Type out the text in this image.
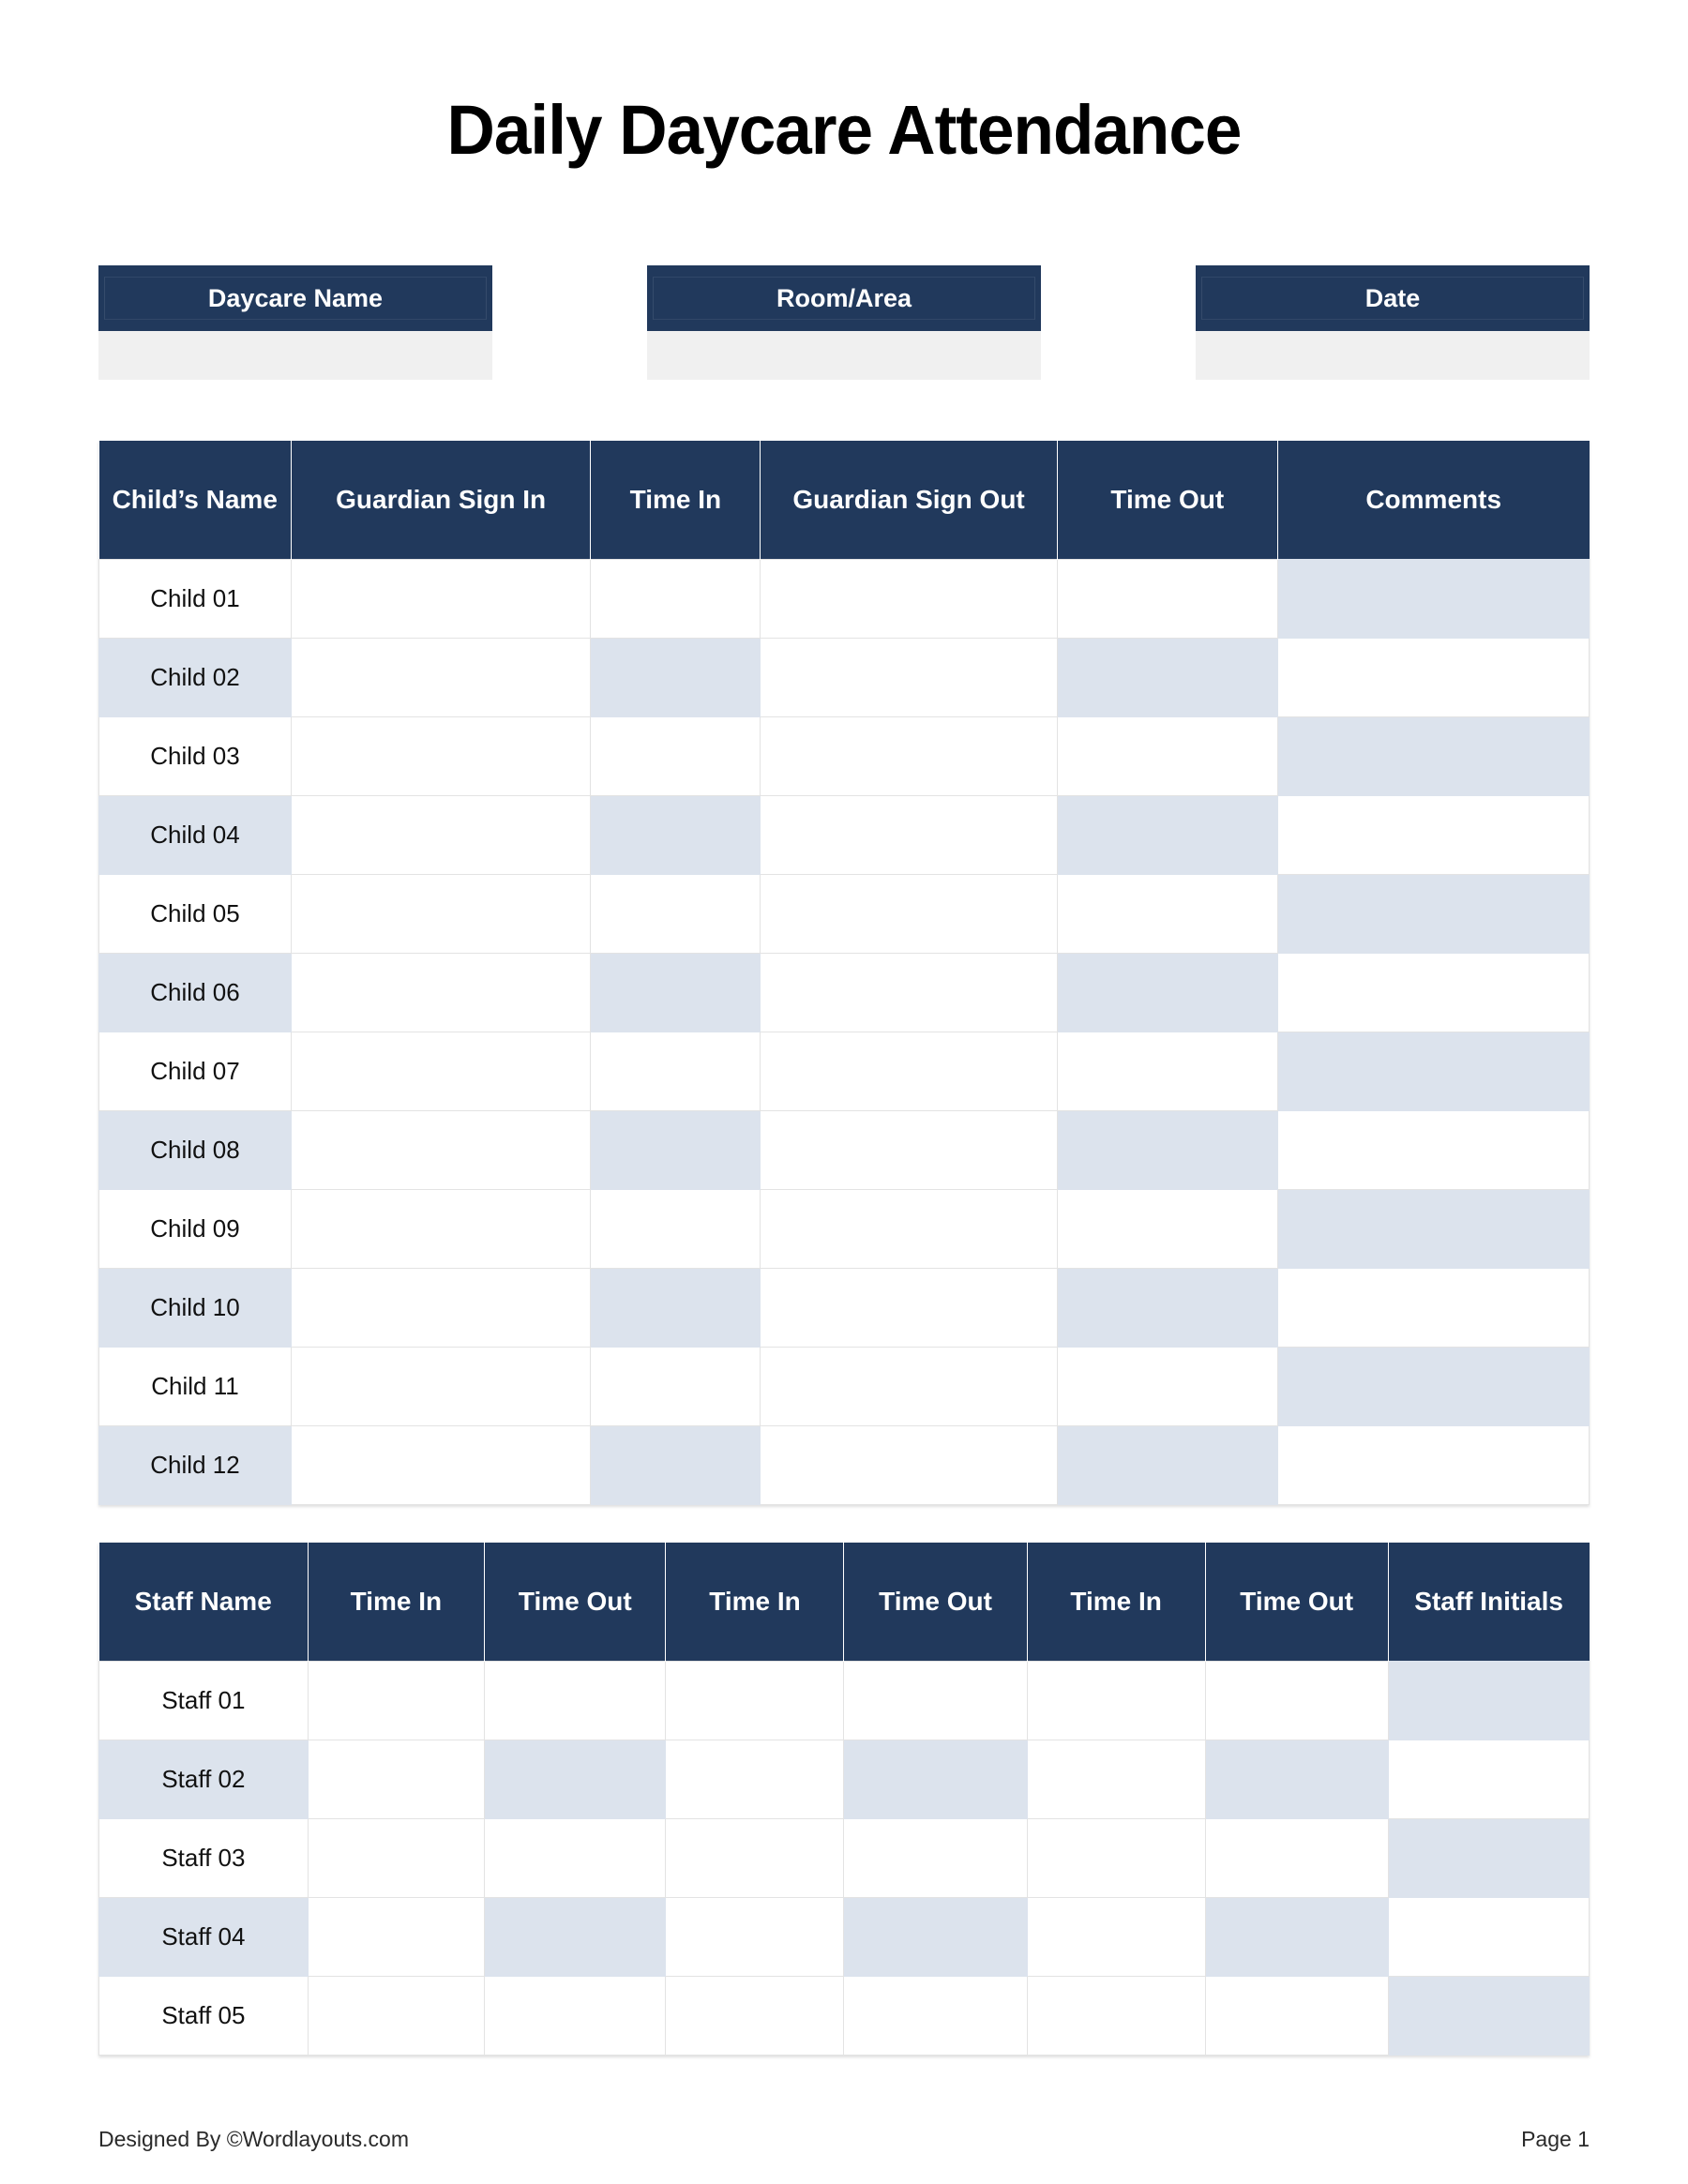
Daily Daycare Attendance
Daycare Name	Room/Area	Date
Child’s Name	Guardian Sign In	Time In	Guardian Sign Out	Time Out	Comments
Child 01					
Child 02					
Child 03					
Child 04					
Child 05					
Child 06					
Child 07					
Child 08					
Child 09					
Child 10					
Child 11					
Child 12					
Staff Name	Time In	Time Out	Time In	Time Out	Time In	Time Out	Staff Initials
Staff 01							
Staff 02							
Staff 03							
Staff 04							
Staff 05							
Designed By ©Wordlayouts.com	Page 1
